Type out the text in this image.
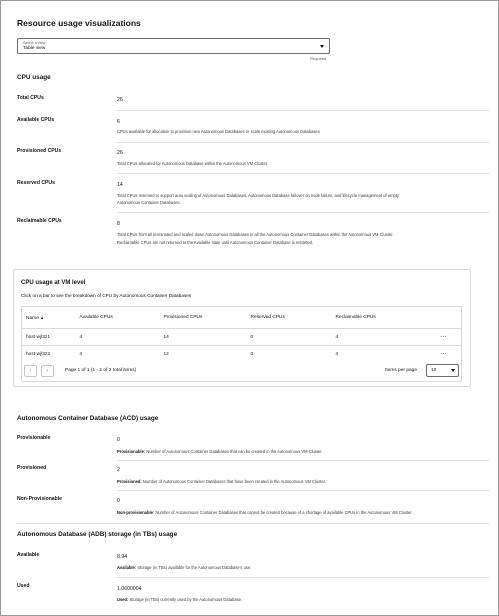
Resource usage visualizations
Select a view
Table view
Required
CPU usage
Total CPUs	26
Available CPUs	6
CPUs available for allocation to provision new Autonomous Databases or scale existing Autonomous Databases
Provisioned CPUs	26
Total CPUs allocated for Autonomous Database within the Autonomous VM Cluster.
Reserved CPUs	14
Total CPUs reserved to support auto scaling of Autonomous Databases, Autonomous Database failover on node failure, and lifecycle management of empty
Autonomous Container Databases.
Reclaimable CPUs	8
Total CPUs from all terminated and scaled down Autonomous Databases in all the Autonomous Container Databases within the Autonomous VM Cluster.
Reclaimable CPUs are not returned to the Available state until Autonomous Container Database is restarted.
CPU usage at VM level
Click on a bar to see the breakdown of CPU by Autonomous Container Databases
Name ▲	Available CPUs	Provisioned CPUs	Reserved CPUs	Reclaimable CPUs	
host-wjl3z1	4	14	0	4	···
host-wjl3z2	4	12	0	4	···
‹	›	Page 1 of 1 (1 - 2 of 2 total items)	Items per page	10
Autonomous Container Database (ACD) usage
Provisionable	0
Provisionable: Number of Autonomous Container Databases that can be created in the Autonomous VM Cluster.
Provisioned	2
Provisioned: Number of Autonomous Container Databases that have been created in the Autonomous VM Cluster.
Non-Provisionable	0
Non-provisionable: Number of Autonomous Container Databases that cannot be created because of a shortage of available CPUs in the Autonomous VM Cluster.
Autonomous Database (ADB) storage (in TBs) usage
Available	8.94
Available: Storage (in TBs) available for the Autonomous Database's use.
Used	1.0600004
Used: Storage (in TBs) currently used by the Autonomous Database.
